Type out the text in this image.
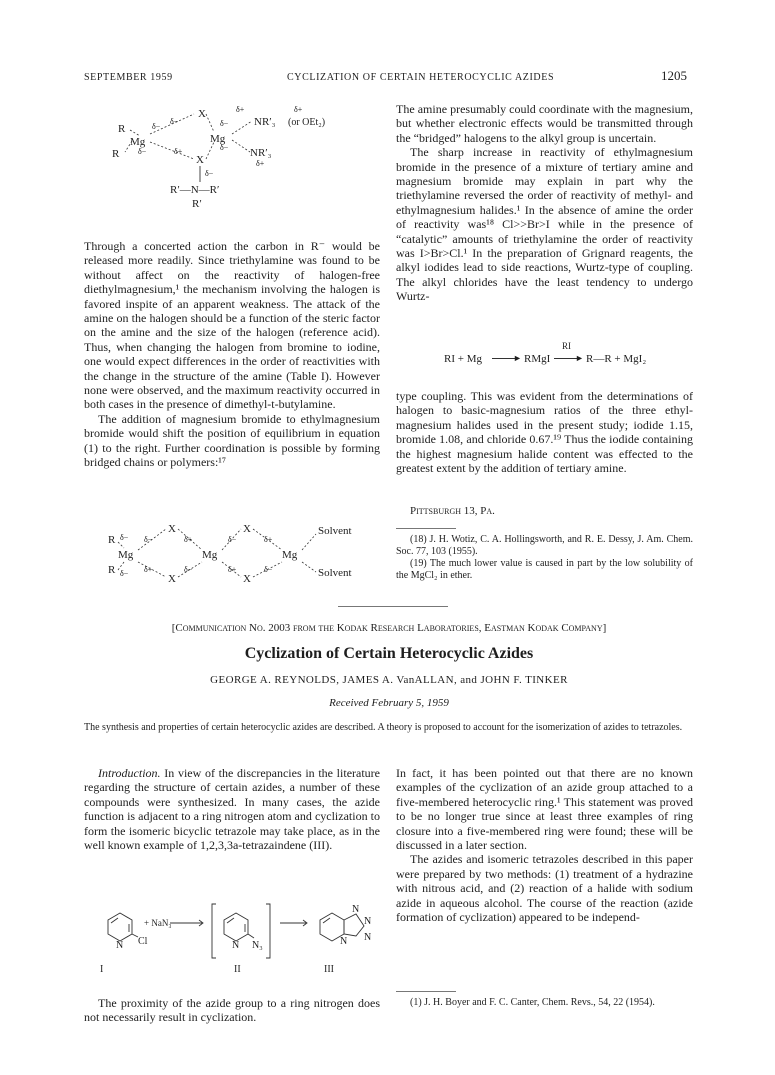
SEPTEMBER 1959	CYCLIZATION OF CERTAIN HETEROCYCLIC AZIDES	1205
X
R
Mg	Mg
NR′₃ (or OEt₂)
NR′₃
R	X
R′—N—R′
R′
δ−
δ−	δ−
δ+	δ+
δ+
δ−	δ−
δ+
δ−

Through a concerted action the carbon in R⁻ would be released more readily. Since triethylamine was found to be without affect on the reactivity of halogen-free diethylmagnesium,¹ the mechanism involving the halogen is favored inspite of an apparent weakness. The attack of the amine on the halogen should be a function of the steric factor on the amine and the size of the halogen (reference acid). Thus, when changing the halogen from bromine to iodine, one would expect differences in the order of reactivities with the change in the structure of the amine (Table I). However none were observed, and the maximum reactivity occurred in both cases in the presence of dimethyl-t-butylamine.

The addition of magnesium bromide to ethylmagnesium bromide would shift the position of equilibrium in equation (1) to the right. Further coordination is possible by forming bridged chains or polymers:¹⁷

R
R
Mg	Mg	Mg
X	X
X	X
Solvent
Solvent
δ− δ−	δ+	δ−	δ+
δ− δ+	δ−	δ+	δ−

The amine presumably could coordinate with the magnesium, but whether electronic effects would be transmitted through the “bridged” halogens to the alkyl group is uncertain.

The sharp increase in reactivity of ethylmagnesium bromide in the presence of a mixture of tertiary amine and magnesium bromide may explain in part why the triethylamine reversed the order of reactivity of methyl- and ethylmagnesium halides.¹ In the absence of amine the order of reactivity was¹⁸ Cl>>Br>I while in the presence of “catalytic” amounts of triethylamine the order of reactivity was I>Br>Cl.¹ In the preparation of Grignard reagents, the alkyl iodides lead to side reactions, Wurtz-type of coupling. The alkyl chlorides have the least tendency to undergo Wurtz-

RI + Mg	► RMgI
RI
► R—R + MgI₂

type coupling. This was evident from the determinations of halogen to basic-magnesium ratios of the three ethyl-magnesium halides used in the present study; iodide 1.15, bromide 1.08, and chloride 0.67.¹⁹ Thus the iodide containing the highest magnesium halide content was effected to the greatest extent by the addition of tertiary amine.

Pittsburgh 13, Pa.

(18) J. H. Wotiz, C. A. Hollingsworth, and R. E. Dessy, J. Am. Chem. Soc. 77, 103 (1955).

(19) The much lower value is caused in part by the low solubility of the MgCl₂ in ether.

[Communication No. 2003 from the Kodak Research Laboratories, Eastman Kodak Company]
Cyclization of Certain Heterocyclic Azides
GEORGE A. REYNOLDS, JAMES A. VanALLAN, and JOHN F. TINKER
Received February 5, 1959
The synthesis and properties of certain heterocyclic azides are described. A theory is proposed to account for the isomerization of azides to tetrazoles.

Introduction. In view of the discrepancies in the literature regarding the structure of certain azides, a number of these compounds were synthesized. In many cases, the azide function is adjacent to a ring nitrogen atom and cyclization to form the isomeric bicyclic tetrazole may take place, as in the well known example of 1,2,3,3a-tetrazaindene (III).

N Cl
+ NaN₃
N N₃
N
N
N
N
I	II	III

The proximity of the azide group to a ring nitrogen does not necessarily result in cyclization.

In fact, it has been pointed out that there are no known examples of the cyclization of an azide group attached to a five-membered heterocyclic ring.¹ This statement was proved to be no longer true since at least three examples of ring closure into a five-membered ring were found; these will be discussed in a later section.

The azides and isomeric tetrazoles described in this paper were prepared by two methods: (1) treatment of a hydrazine with nitrous acid, and (2) reaction of a halide with sodium azide in aqueous alcohol. The course of the reaction (azide formation of cyclization) appeared to be independ-

(1) J. H. Boyer and F. C. Canter, Chem. Revs., 54, 22 (1954).
